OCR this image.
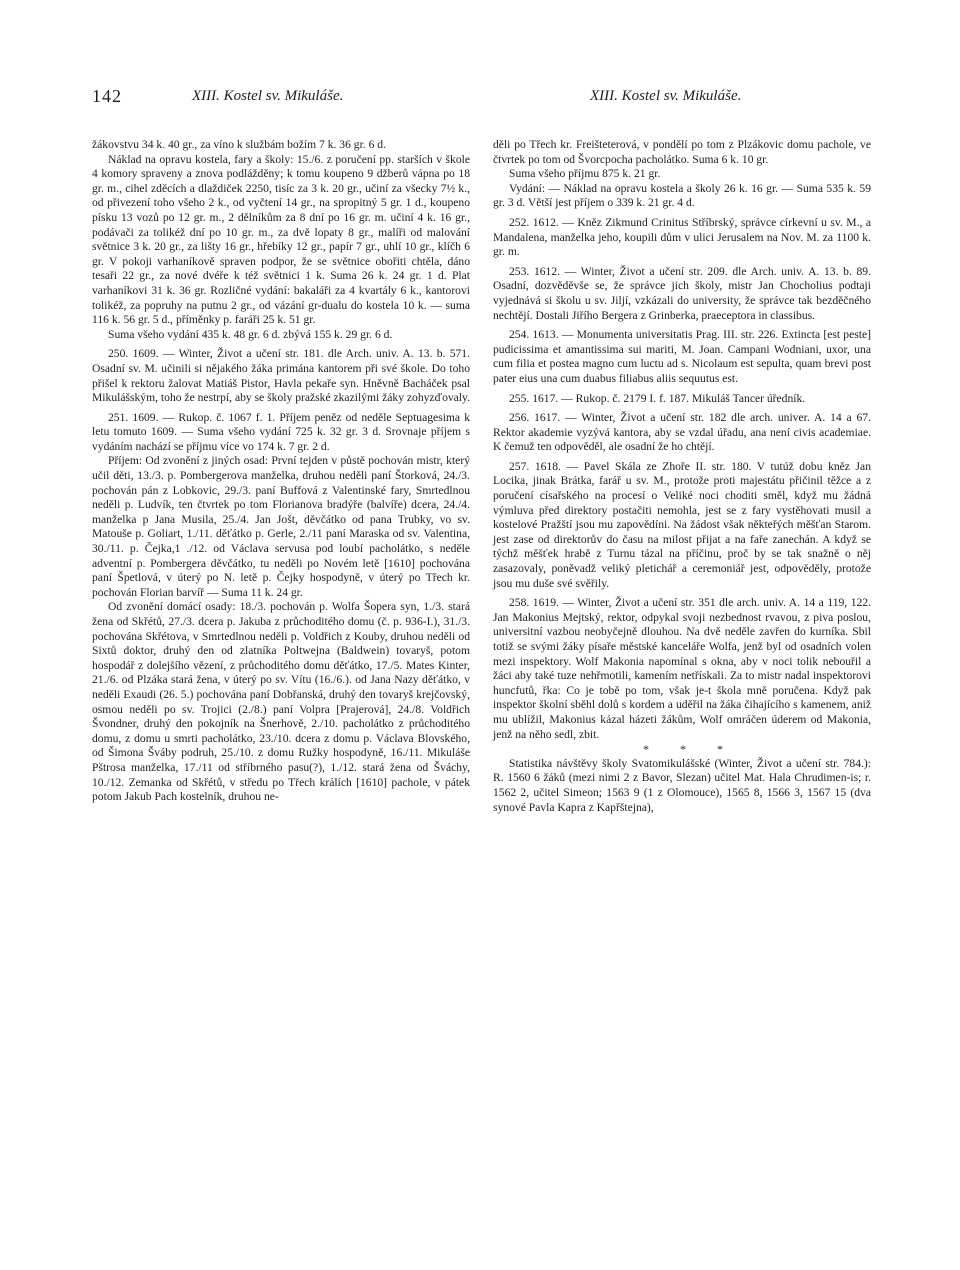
142	XIII. Kostel sv. Mikuláše.	XIII. Kostel sv. Mikuláše.

žákovstvu 34 k. 40 gr., za víno k službám božím 7 k. 36 gr. 6 d.

Náklad na opravu kostela, fary a školy: 15./6. z poručení pp. starších v škole 4 komory spraveny a znova podlážděny; k tomu koupeno 9 džberů vápna po 18 gr. m., cihel zděcích a dlaždiček 2250, tisíc za 3 k. 20 gr., učiní za všecky 7½ k., od přivezení toho všeho 2 k., od vyčtení 14 gr., na spropitný 5 gr. 1 d., koupeno písku 13 vozů po 12 gr. m., 2 dělníkům za 8 dní po 16 gr. m. učiní 4 k. 16 gr., podávači za tolikéž dní po 10 gr. m., za dvě lopaty 8 gr., malíři od malování světnice 3 k. 20 gr., za lišty 16 gr., hřebíky 12 gr., papír 7 gr., uhlí 10 gr., klíčh 6 gr. V pokoji varhaníkově spraven podpor, že se světnice obořiti chtěla, dáno tesaři 22 gr., za nové dvéře k též světnici 1 k. Suma 26 k. 24 gr. 1 d. Plat varhaníkovi 31 k. 36 gr. Rozličné vydání: bakaláři za 4 kvartály 6 k., kantorovi tolikéž, za popruhy na putnu 2 gr., od vázání gr-dualu do kostela 10 k. — suma 116 k. 56 gr. 5 d., příměnky p. faráři 25 k. 51 gr.

Suma všeho vydání 435 k. 48 gr. 6 d. zbývá 155 k. 29 gr. 6 d.

250. 1609. — Winter, Život a učení str. 181. dle Arch. univ. A. 13. b. 571. Osadní sv. M. učinili si nějakého žáka primána kantorem při své škole. Do toho přišel k rektoru žalovat Matiáš Pistor, Havla pekaře syn. Hněvně Bacháček psal Mikulášským, toho že nestrpí, aby se školy pražské zkazilými žáky zohyzďovaly.

251. 1609. — Rukop. č. 1067 f. 1. Příjem peněz od neděle Septuagesima k letu tomuto 1609. — Suma všeho vydání 725 k. 32 gr. 3 d. Srovnaje příjem s vydáním nachází se příjmu více vo 174 k. 7 gr. 2 d.

Příjem: Od zvonění z jiných osad: První tejden v půstě pochován mistr, který učil děti, 13./3. p. Pombergerova manželka, druhou neděli paní Štorková, 24./3. pochován pán z Lobkovic, 29./3. paní Buffová z Valentinské fary, Smrtedlnou neděli p. Ludvík, ten čtvrtek po tom Florianova bradýře (balvíře) dcera, 24./4. manželka p Jana Musila, 25./4. Jan Jošt, děvčátko od pana Trubky, vo sv. Matouše p. Goliart, 1./11. děťátko p. Gerle, 2./11 paní Maraska od sv. Valentina, 30./11. p. Čejka,1 ./12. od Václava servusa pod loubí pacholátko, s neděle adventní p. Pombergera děvčátko, tu neděli po Novém letě [1610] pochována paní Špetlová, v úterý po N. letě p. Čejky hospodyně, v úterý po Třech kr. pochován Florian barvíř — Suma 11 k. 24 gr.

Od zvonění domácí osady: 18./3. pochován p. Wolfa Šopera syn, 1./3. stará žena od Skřétů, 27./3. dcera p. Jakuba z průchoditého domu (č. p. 936-I.), 31./3. pochována Skřétova, v Smrtedlnou neděli p. Voldřich z Kouby, druhou neděli od Sixtů doktor, druhý den od zlatníka Poltwejna (Baldwein) tovaryš, potom hospodář z dolejšího vězení, z průchoditého domu děťátko, 17./5. Mates Kinter, 21./6. od Plzáka stará žena, v úterý po sv. Vítu (16./6.). od Jana Nazy děťátko, v neděli Exaudi (26. 5.) pochována paní Dobřanská, druhý den tovaryš krejčovský, osmou neděli po sv. Trojici (2./8.) paní Volpra [Prajerová], 24./8. Voldřich Švondner, druhý den pokojník na Šnerhově, 2./10. pacholátko z průchoditého domu, z domu u smrti pacholátko, 23./10. dcera z domu p. Václava Blovského, od Šimona Šváby podruh, 25./10. z domu Ružky hospodyně, 16./11. Mikuláše Pštrosa manželka, 17./11 od stříbrného pasu(?), 1./12. stará žena od Šváchy, 10./12. Zemanka od Skřétů, v středu po Třech králích [1610] pachole, v pátek potom Jakub Pach kostelník, druhou ne-

děli po Třech kr. Freišteterová, v pondělí po tom z Plzákovic domu pachole, ve čtvrtek po tom od Švorcpocha pacholátko. Suma 6 k. 10 gr.

Suma všeho příjmu 875 k. 21 gr.

Vydání: — Náklad na opravu kostela a školy 26 k. 16 gr. — Suma 535 k. 59 gr. 3 d. Větší jest příjem o 339 k. 21 gr. 4 d.

252. 1612. — Kněz Zikmund Crinitus Stříbrský, správce církevní u sv. M., a Mandalena, manželka jeho, koupili dům v ulici Jerusalem na Nov. M. za 1100 k. gr. m.

253. 1612. — Winter, Život a učení str. 209. dle Arch. univ. A. 13. b. 89. Osadní, dozvěděvše se, že správce jich školy, mistr Jan Chocholius podtaji vyjednává si školu u sv. Jiljí, vzkázali do university, že správce tak bezděčného nechtějí. Dostali Jiřího Bergera z Grinberka, praeceptora in classibus.

254. 1613. — Monumenta universitatis Prag. III. str. 226. Extincta [est peste] pudicissima et amantissima sui mariti, M. Joan. Campani Wodniani, uxor, una cum filia et postea magno cum luctu ad s. Nicolaum est sepulta, quam brevi post pater eius una cum duabus filiabus aliis sequutus est.

255. 1617. — Rukop. č. 2179 I. f. 187. Mikuláš Tancer úředník.

256. 1617. — Winter, Život a učení str. 182 dle arch. univer. A. 14 a 67. Rektor akademie vyzývá kantora, aby se vzdal úřadu, ana není civis academiae. K čemuž ten odpověděl, ale osadní že ho chtějí.

257. 1618. — Pavel Skála ze Zhoře II. str. 180. V tutúž dobu kněz Jan Locika, jinak Brátka, farář u sv. M., protože proti majestátu přičinil těžce a z poručení císařského na procesí o Veliké noci choditi směl, když mu žádná výmluva před direktory postačiti nemohla, jest se z fary vystěhovati musil a kostelové Pražští jsou mu zapovědíni. Na žádost však někteřých měšťan Starom. jest zase od direktorův do času na milost přijat a na faře zanechán. A když se týchž měšťek hrabě z Turnu tázal na příčinu, proč by se tak snažně o něj zasazovaly, poněvadž veliký pletichář a ceremoniář jest, odpověděly, protože jsou mu duše své svěřily.

258. 1619. — Winter, Život a učení str. 351 dle arch. univ. A. 14 a 119, 122. Jan Makonius Mejtský, rektor, odpykal svoji nezbednost rvavou, z piva poslou, universitní vazbou neobyčejně dlouhou. Na dvě neděle zavřen do kurníka. Sbil totiž se svými žáky písaře městské kanceláře Wolfa, jenž byl od osadních volen mezi inspektory. Wolf Makonia napomínal s okna, aby v noci tolik nebouřil a žáci aby také tuze nehřmotili, kamením netřískali. Za to mistr nadal inspektorovi huncfutů, řka: Co je tobě po tom, však je-t škola mně poručena. Když pak inspektor školní sběhl dolů s kordem a uděřil na žáka čihajícího s kamenem, aniž mu ublížil, Makonius kázal házeti žákům, Wolf omráčen úderem od Makonia, jenž na něho sedl, zbit.

* * *

Statistika návštěvy školy Svatomikulášské (Winter, Život a učení str. 784.): R. 1560 6 žáků (mezi nimi 2 z Bavor, Slezan) učitel Mat. Hala Chrudimen-is; r. 1562 2, učitel Simeon; 1563 9 (1 z Olomouce), 1565 8, 1566 3, 1567 15 (dva synové Pavla Kapra z Kapřštejna),
